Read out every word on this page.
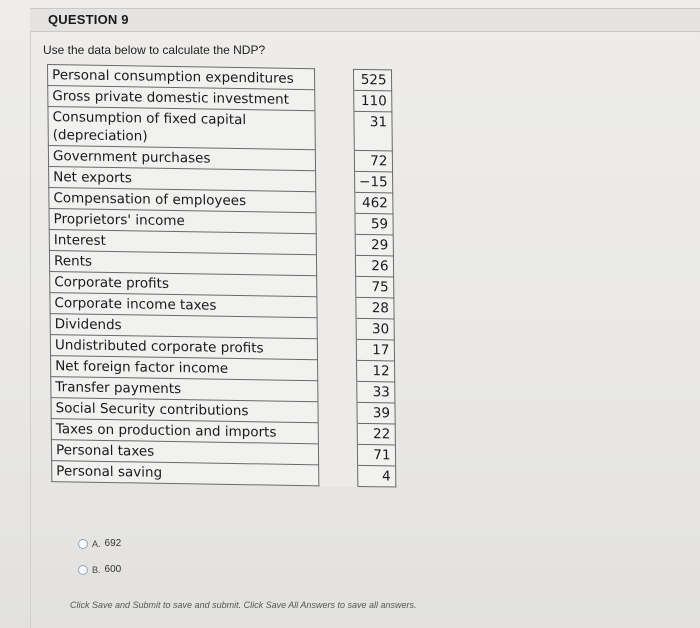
QUESTION 9
Use the data below to calculate the NDP?
Personal consumption expenditures		525
Gross private domestic investment		110
Consumption of fixed capital
(depreciation)		31
Government purchases		72
Net exports		−15
Compensation of employees		462
Proprietors' income		59
Interest		29
Rents		26
Corporate profits		75
Corporate income taxes		28
Dividends		30
Undistributed corporate profits		17
Net foreign factor income		12
Transfer payments		33
Social Security contributions		39
Taxes on production and imports		22
Personal taxes		71
Personal saving		4
A. 692
B. 600
Click Save and Submit to save and submit. Click Save All Answers to save all answers.
